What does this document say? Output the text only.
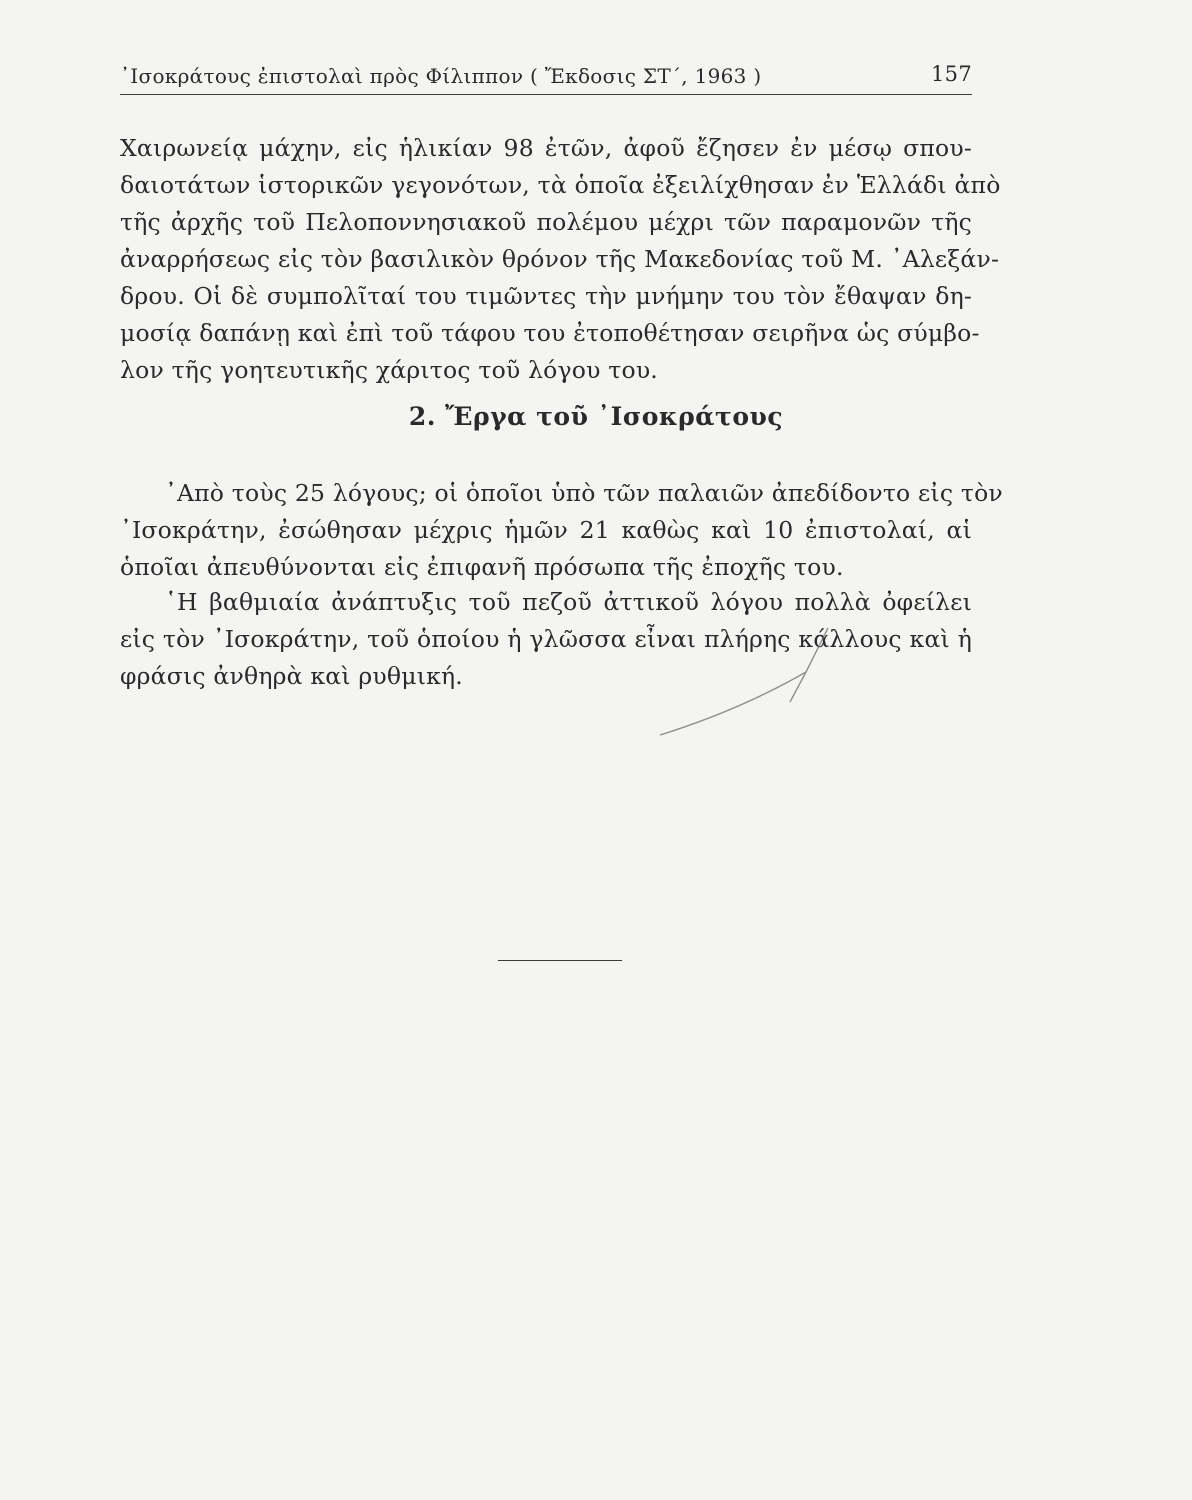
᾿Ισοκράτους ἐπιστολαὶ πρὸς Φίλιππον ( Ἔκδοσις ΣΤ΄, 1963 )	157
Χαιρωνείᾳ μάχην, εἰς ἡλικίαν 98 ἐτῶν, ἀφοῦ ἔζησεν ἐν μέσῳ σπου-
δαιοτάτων ἱστορικῶν γεγονότων, τὰ ὁποῖα ἐξειλίχθησαν ἐν Ἑλλάδι ἀπὸ
τῆς ἀρχῆς τοῦ Πελοποννησιακοῦ πολέμου μέχρι τῶν παραμονῶν τῆς
ἀναρρήσεως εἰς τὸν βασιλικὸν θρόνον τῆς Μακεδονίας τοῦ Μ. ᾿Αλεξάν-
δρου. Οἱ δὲ συμπολῖταί του τιμῶντες τὴν μνήμην του τὸν ἔθαψαν δη-
μοσίᾳ δαπάνῃ καὶ ἐπὶ τοῦ τάφου του ἐτοποθέτησαν σειρῆνα ὡς σύμβο-
λον τῆς γοητευτικῆς χάριτος τοῦ λόγου του.
2. Ἔργα τοῦ ᾿Ισοκράτους
᾿Απὸ τοὺς 25 λόγους; οἱ ὁποῖοι ὑπὸ τῶν παλαιῶν ἀπεδίδοντο εἰς τὸν
᾿Ισοκράτην, ἐσώθησαν μέχρις ἡμῶν 21 καθὼς καὶ 10 ἐπιστολαί, αἱ
ὁποῖαι ἀπευθύνονται εἰς ἐπιφανῆ πρόσωπα τῆς ἐποχῆς του.
῾Η βαθμιαία ἀνάπτυξις τοῦ πεζοῦ ἀττικοῦ λόγου πολλὰ ὀφείλει
εἰς τὸν ᾿Ισοκράτην, τοῦ ὁποίου ἡ γλῶσσα εἶναι πλήρης κάλλους καὶ ἡ
φράσις ἀνθηρὰ καὶ ρυθμική.
